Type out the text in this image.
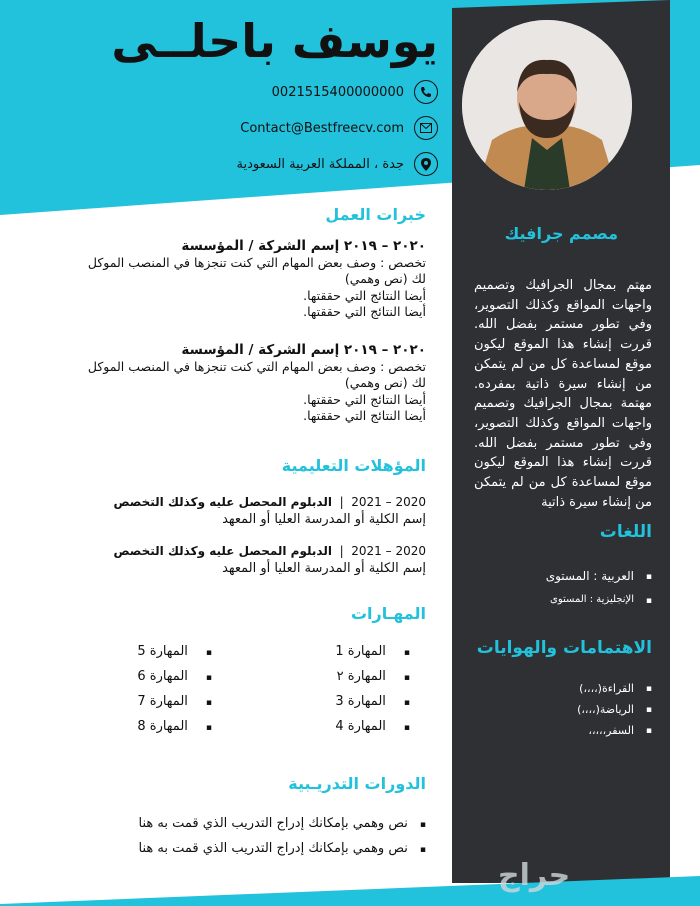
يوسف باحلــى
0021515400000000
Contact@Bestfreecv.com
جدة ، المملكة العربية السعودية
مصمم جرافيك
مهتم بمجال الجرافيك وتصميم واجهات المواقع وكذلك التصوير، وفي تطور مستمر بفضل الله. قررت إنشاء هذا الموقع ليكون موقع لمساعدة كل من لم يتمكن من إنشاء سيرة ذاتية بمفرده. مهتمة بمجال الجرافيك وتصميم واجهات المواقع وكذلك التصوير، وفي تطور مستمر بفضل الله. قررت إنشاء هذا الموقع ليكون موقع لمساعدة كل من لم يتمكن من إنشاء سيرة ذاتية
اللغات
▪ العربية : المستوى
▪ الإنجليزية : المستوى
الاهتمامات والهوايات
▪ القراءة(،،،،)
▪ الرياضة(،،،،)
▪ السفر،،،،،
خبرات العمل
٢٠٢٠ – ٢٠١٩ إسم الشركة / المؤسسة
تخصص : وصف بعض المهام التي كنت تنجزها في المنصب الموكل لك (نص وهمي)
أيضا النتائج التي حققتها.
أيضا النتائج التي حققتها.
٢٠٢٠ – ٢٠١٩ إسم الشركة / المؤسسة
تخصص : وصف بعض المهام التي كنت تنجزها في المنصب الموكل لك (نص وهمي)
أيضا النتائج التي حققتها.
أيضا النتائج التي حققتها.
المؤهلات التعليمية
2020 – 2021  |  الدبلوم المحصل عليه وكذلك التخصص
إسم الكلية أو المدرسة العليا أو المعهد
2020 – 2021  |  الدبلوم المحصل عليه وكذلك التخصص
إسم الكلية أو المدرسة العليا أو المعهد
المهـارات
▪ المهارة 1
▪ المهارة ٢
▪ المهارة 3
▪ المهارة 4
▪ المهارة 5
▪ المهارة 6
▪ المهارة 7
▪ المهارة 8
الدورات التدريـبية
▪ نص وهمي بإمكانك إدراج التدريب الذي قمت به هنا
▪ نص وهمي بإمكانك إدراج التدريب الذي قمت به هنا
حراج
